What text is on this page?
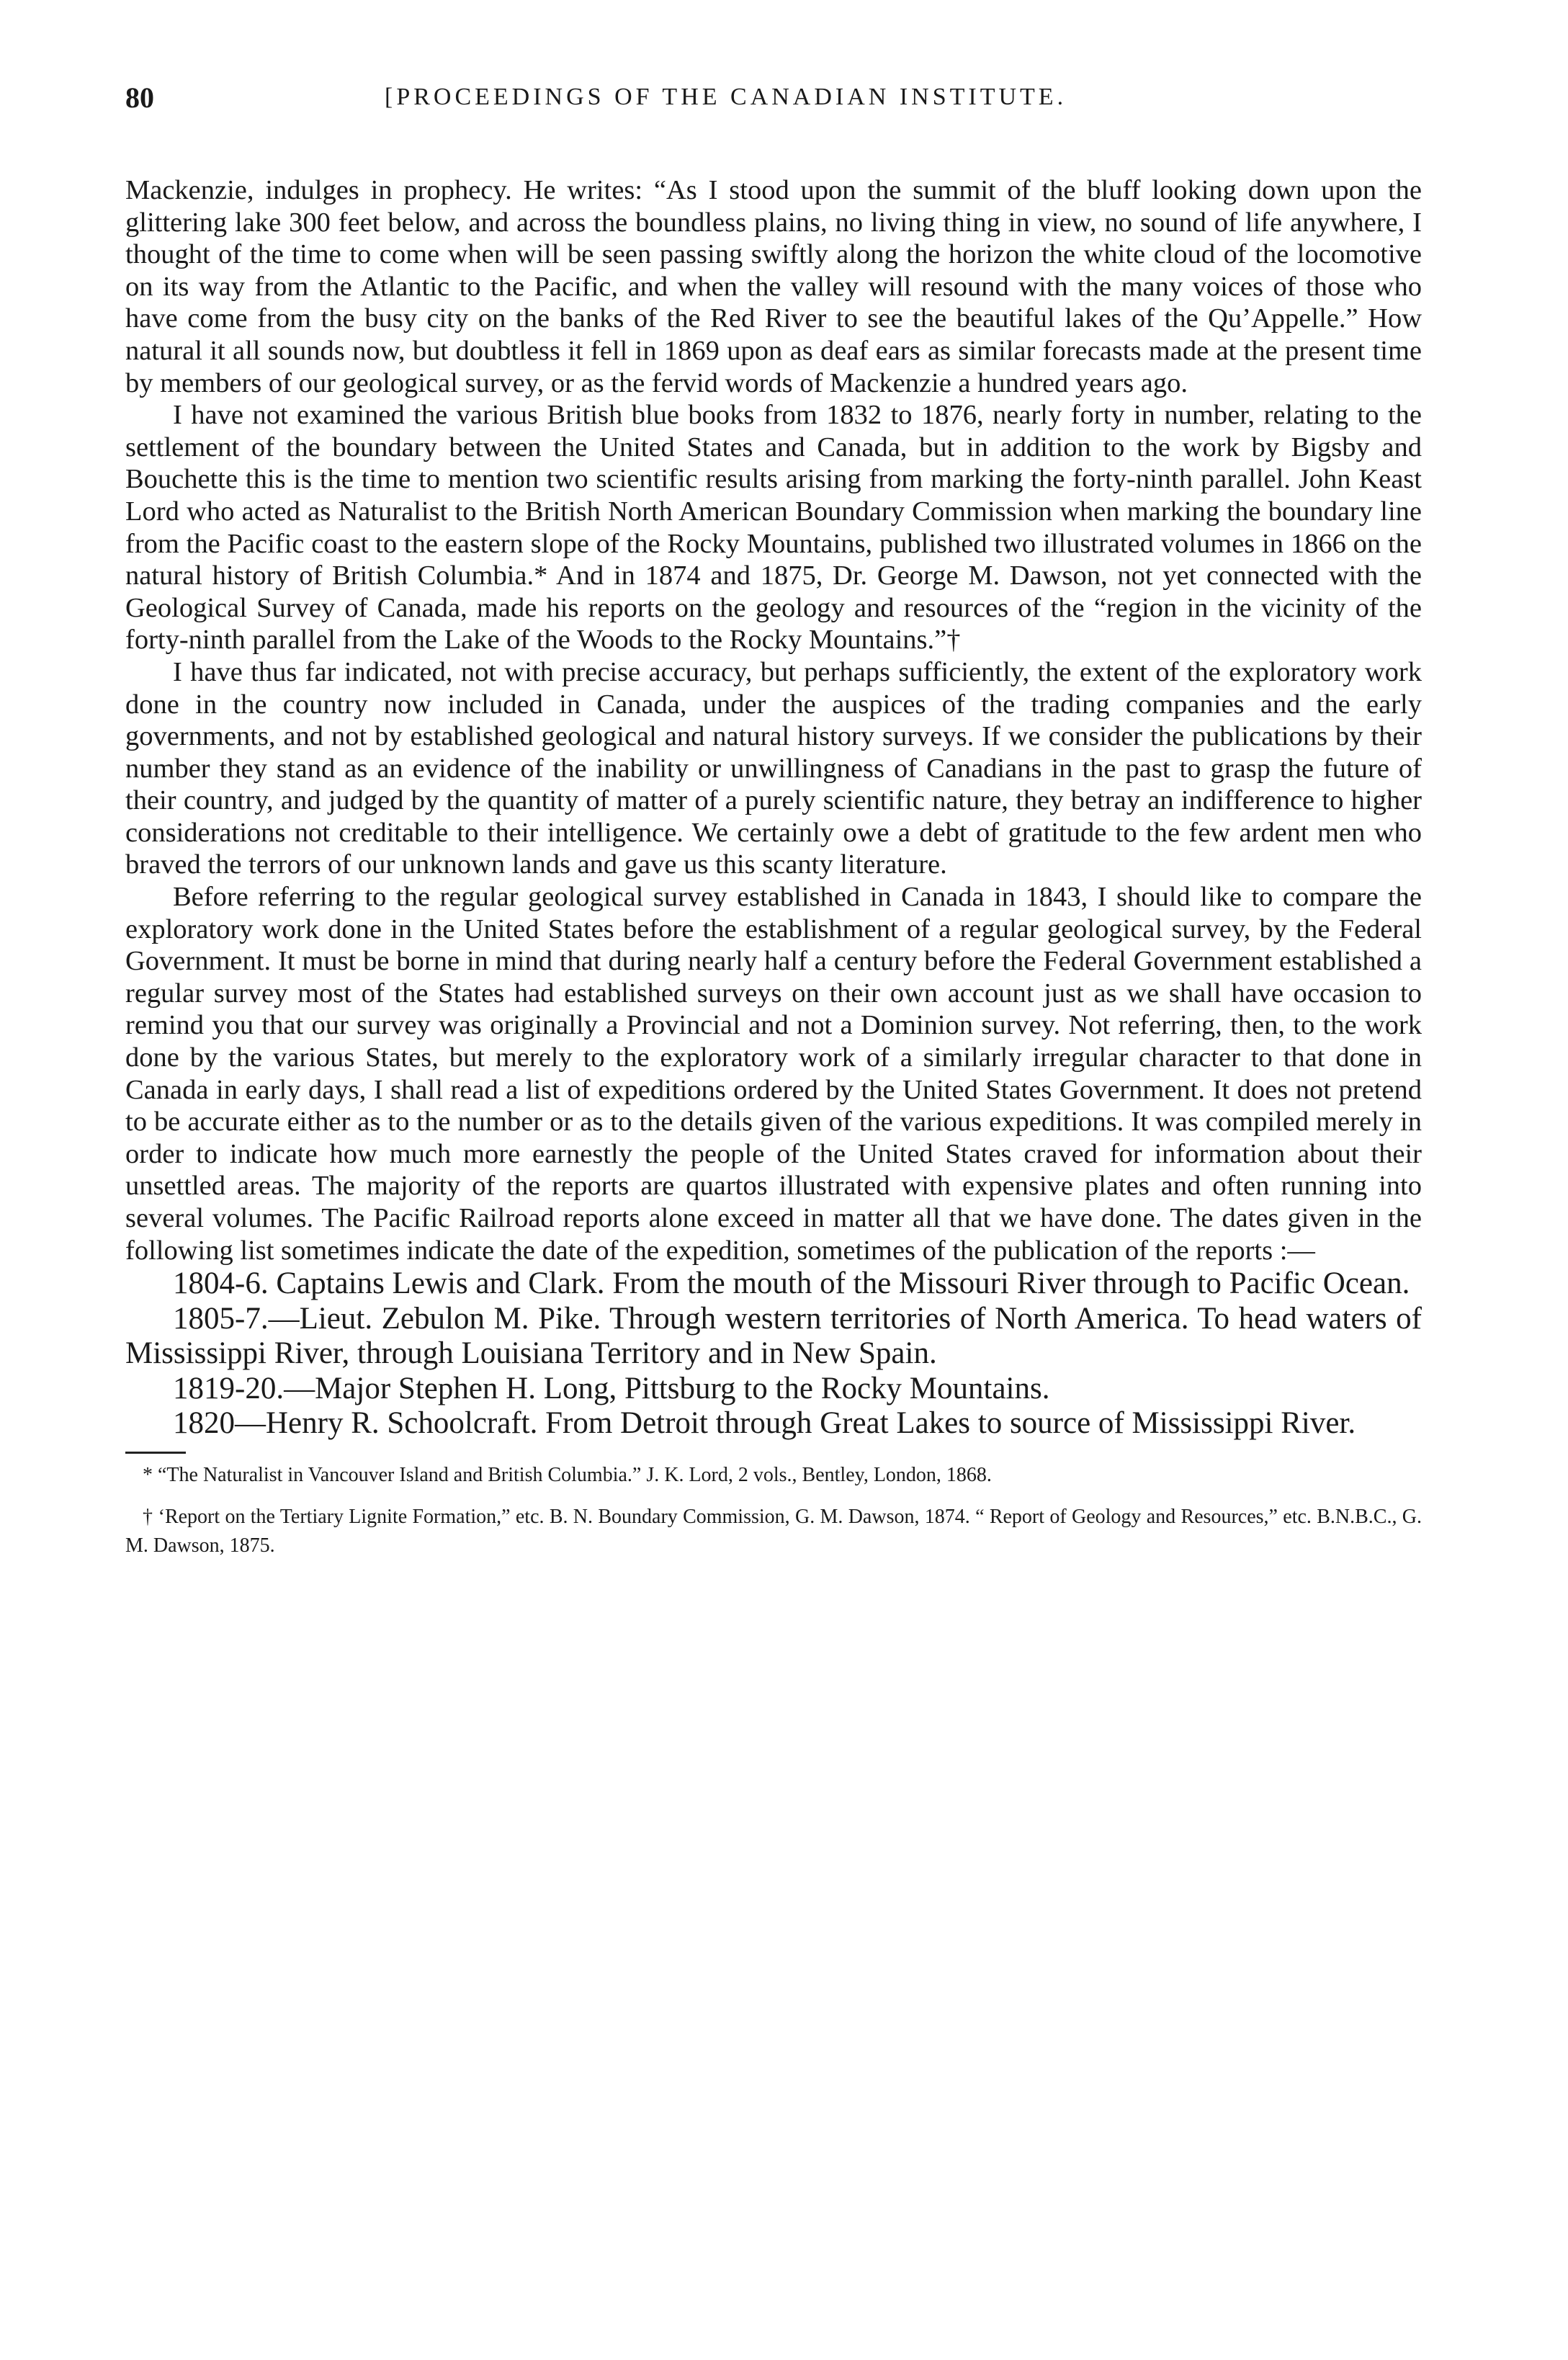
80	[PROCEEDINGS OF THE CANADIAN INSTITUTE.

Mackenzie, indulges in prophecy. He writes: “As I stood upon the summit of the bluff looking down upon the glittering lake 300 feet below, and across the boundless plains, no living thing in view, no sound of life anywhere, I thought of the time to come when will be seen passing swiftly along the horizon the white cloud of the locomotive on its way from the Atlantic to the Pacific, and when the valley will resound with the many voices of those who have come from the busy city on the banks of the Red River to see the beautiful lakes of the Qu’Appelle.” How natural it all sounds now, but doubtless it fell in 1869 upon as deaf ears as similar forecasts made at the present time by members of our geological survey, or as the fervid words of Mackenzie a hundred years ago.

I have not examined the various British blue books from 1832 to 1876, nearly forty in number, relating to the settlement of the boundary between the United States and Canada, but in addition to the work by Bigsby and Bouchette this is the time to mention two scientific results arising from marking the forty-ninth parallel. John Keast Lord who acted as Naturalist to the British North American Boundary Commission when marking the boundary line from the Pacific coast to the eastern slope of the Rocky Mountains, published two illustrated volumes in 1866 on the natural history of British Columbia.* And in 1874 and 1875, Dr. George M. Dawson, not yet connected with the Geological Survey of Canada, made his reports on the geology and resources of the “region in the vicinity of the forty-ninth parallel from the Lake of the Woods to the Rocky Mountains.”†

I have thus far indicated, not with precise accuracy, but perhaps sufficiently, the extent of the exploratory work done in the country now included in Canada, under the auspices of the trading companies and the early governments, and not by established geological and natural history surveys. If we consider the publications by their number they stand as an evidence of the inability or unwillingness of Canadians in the past to grasp the future of their country, and judged by the quantity of matter of a purely scientific nature, they betray an indifference to higher considerations not creditable to their intelligence. We certainly owe a debt of gratitude to the few ardent men who braved the terrors of our unknown lands and gave us this scanty literature.

Before referring to the regular geological survey established in Canada in 1843, I should like to compare the exploratory work done in the United States before the establishment of a regular geological survey, by the Federal Government. It must be borne in mind that during nearly half a century before the Federal Government established a regular survey most of the States had established surveys on their own account just as we shall have occasion to remind you that our survey was originally a Provincial and not a Dominion survey. Not referring, then, to the work done by the various States, but merely to the exploratory work of a similarly irregular character to that done in Canada in early days, I shall read a list of expeditions ordered by the United States Government. It does not pretend to be accurate either as to the number or as to the details given of the various expeditions. It was compiled merely in order to indicate how much more earnestly the people of the United States craved for information about their unsettled areas. The majority of the reports are quartos illustrated with expensive plates and often running into several volumes. The Pacific Railroad reports alone exceed in matter all that we have done. The dates given in the following list sometimes indicate the date of the expedition, sometimes of the publication of the reports :—

1804-6. Captains Lewis and Clark. From the mouth of the Missouri River through to Pacific Ocean.

1805-7.—Lieut. Zebulon M. Pike. Through western territories of North America. To head waters of Mississippi River, through Louisiana Territory and in New Spain.

1819-20.—Major Stephen H. Long, Pittsburg to the Rocky Mountains.

1820—Henry R. Schoolcraft. From Detroit through Great Lakes to source of Mississippi River.

* “The Naturalist in Vancouver Island and British Columbia.” J. K. Lord, 2 vols., Bentley, London, 1868.

† ‘Report on the Tertiary Lignite Formation,” etc. B. N. Boundary Commission, G. M. Dawson, 1874. “ Report of Geology and Resources,” etc. B.N.B.C., G. M. Dawson, 1875.
